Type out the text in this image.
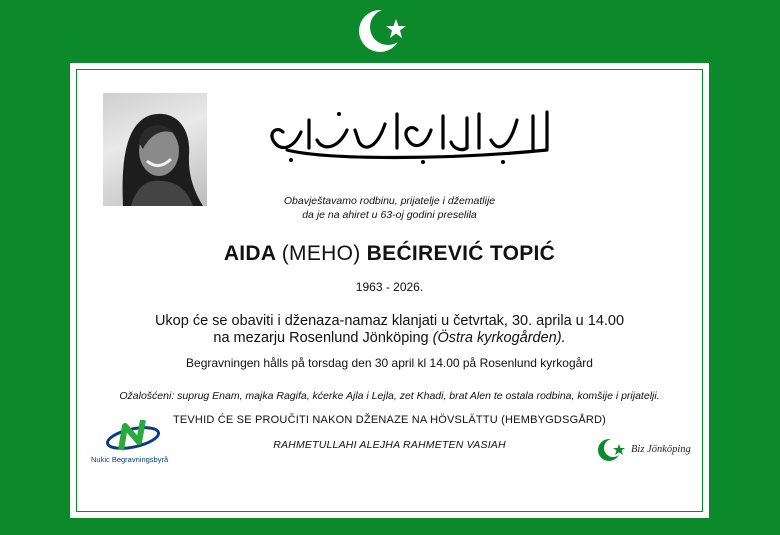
Obavještavamo rodbinu, prijatelje i džematlije
da je na ahiret u 63-oj godini preselila
AIDA (MEHO) BEĆIREVIĆ TOPIĆ
1963 - 2026.
Ukop će se obaviti i dženaza-namaz klanjati u četvrtak, 30. aprila u 14.00
na mezarju Rosenlund Jönköping (Östra kyrkogården).
Begravningen hålls på torsdag den 30 april kl 14.00 på Rosenlund kyrkogård
Ožalošćeni: suprug Enam, majka Ragifa, kćerke Ajla i Lejla, zet Khadi, brat Alen te ostala rodbina, komšije i prijatelji.
TEVHID ĆE SE PROUČITI NAKON DŽENAZE NA HÖVSLÄTTU (HEMBYGDSGÅRD)
RAHMETULLAHI ALEJHA RAHMETEN VASIAH
Nukic Begravningsbyrå
Biz Jönköping
